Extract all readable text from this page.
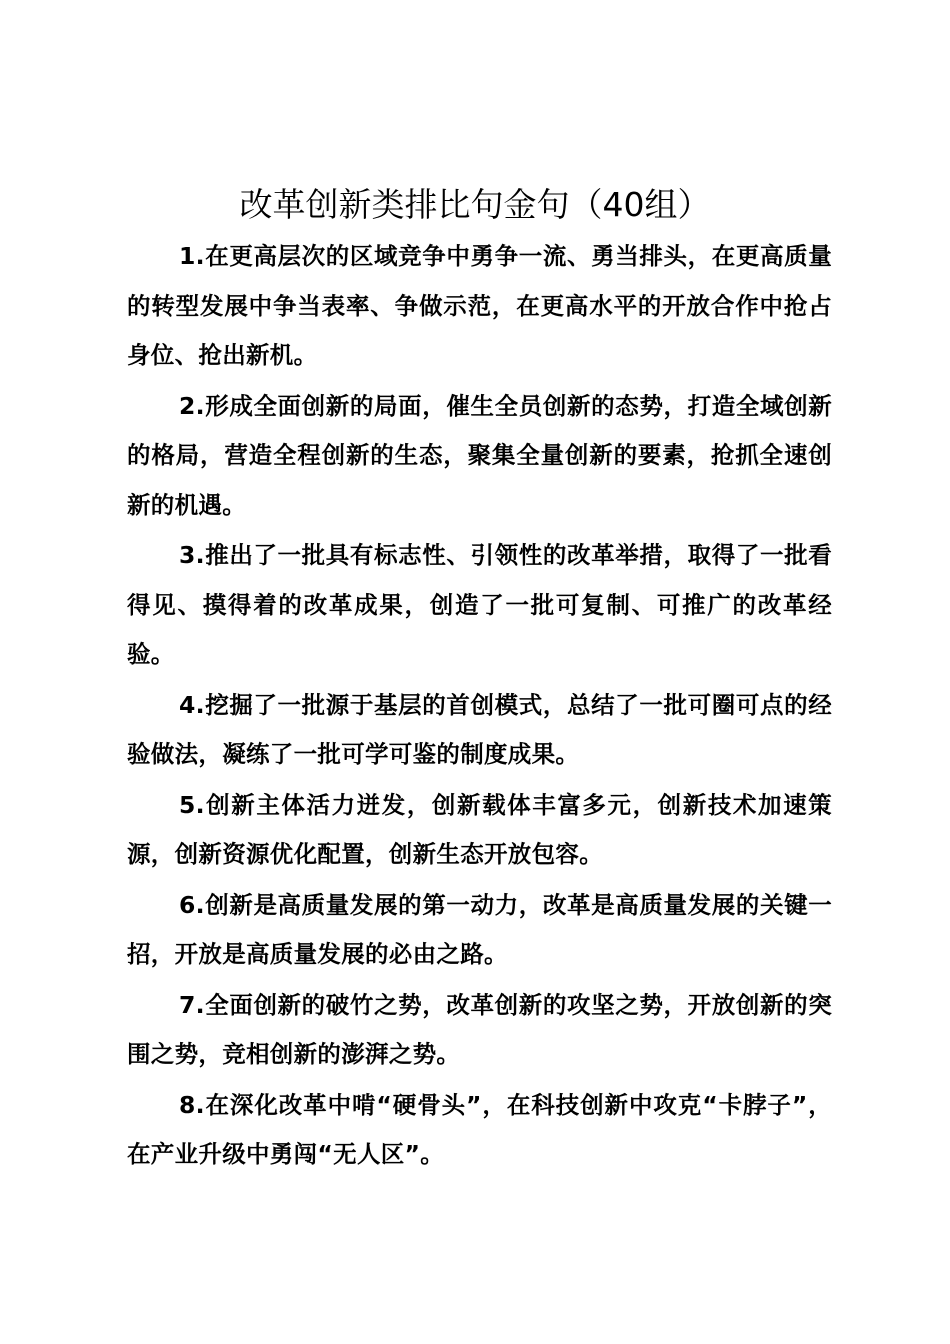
改革创新类排比句金句（40组）

1.在更高层次的区域竞争中勇争一流、勇当排头，在更高质量的转型发展中争当表率、争做示范，在更高水平的开放合作中抢占身位、抢出新机。

2.形成全面创新的局面，催生全员创新的态势，打造全域创新的格局，营造全程创新的生态，聚集全量创新的要素，抢抓全速创新的机遇。

3.推出了一批具有标志性、引领性的改革举措，取得了一批看得见、摸得着的改革成果，创造了一批可复制、可推广的改革经验。

4.挖掘了一批源于基层的首创模式，总结了一批可圈可点的经验做法，凝练了一批可学可鉴的制度成果。

5.创新主体活力迸发，创新载体丰富多元，创新技术加速策源，创新资源优化配置，创新生态开放包容。

6.创新是高质量发展的第一动力，改革是高质量发展的关键一招，开放是高质量发展的必由之路。

7.全面创新的破竹之势，改革创新的攻坚之势，开放创新的突围之势，竞相创新的澎湃之势。

8.在深化改革中啃“硬骨头”，在科技创新中攻克“卡脖子”，在产业升级中勇闯“无人区”。
